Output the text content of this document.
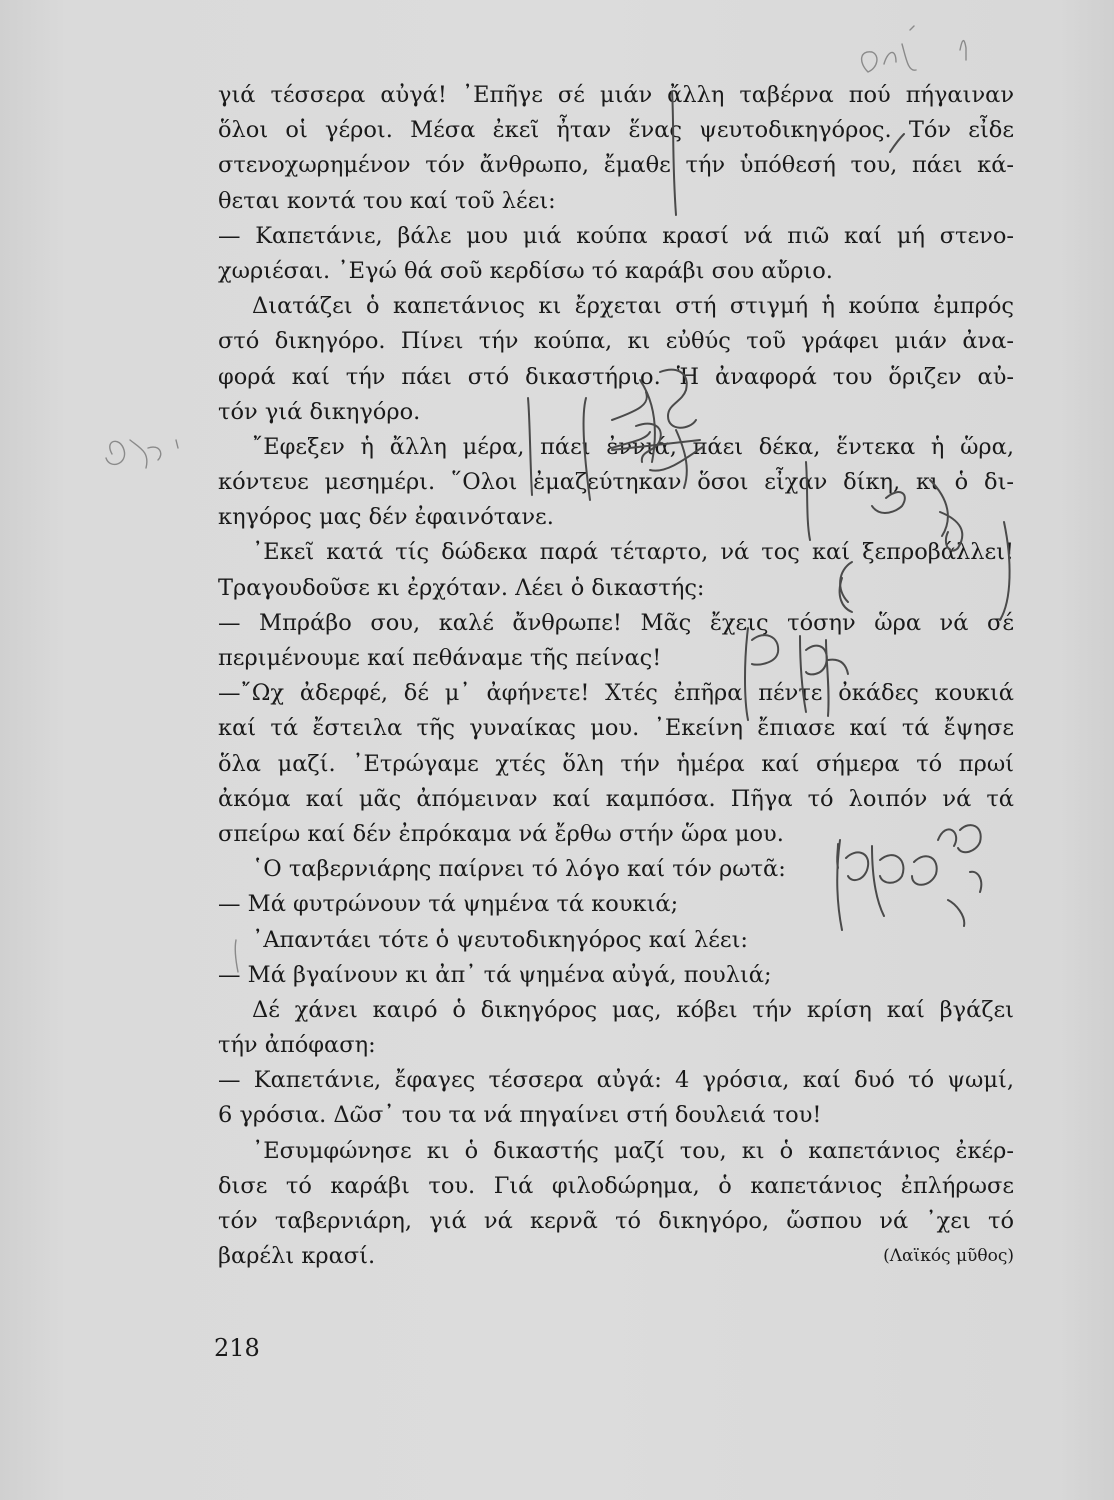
γιά τέσσερα αὐγά! ᾿Επῆγε σέ μιάν ἄλλη ταβέρνα πού πήγαιναν
ὅλοι οἱ γέροι. Μέσα ἐκεῖ ἦταν ἕνας ψευτοδικηγόρος. Τόν εἶδε
στενοχωρημένον τόν ἄνθρωπο, ἔμαθε τήν ὑπόθεσή του, πάει κά-
θεται κοντά του καί τοῦ λέει:
— Καπετάνιε, βάλε μου μιά κούπα κρασί νά πιῶ καί μή στενο-
χωριέσαι. ᾿Εγώ θά σοῦ κερδίσω τό καράβι σου αὔριο.
Διατάζει ὁ καπετάνιος κι ἔρχεται στή στιγμή ἡ κούπα ἐμπρός
στό δικηγόρο. Πίνει τήν κούπα, κι εὐθύς τοῦ γράφει μιάν ἀνα-
φορά καί τήν πάει στό δικαστήριο. Ἡ ἀναφορά του ὅριζεν αὐ-
τόν γιά δικηγόρο.
῎Εφεξεν ἡ ἄλλη μέρα, πάει ἐννιά, πάει δέκα, ἕντεκα ἡ ὥρα,
κόντευε μεσημέρι. ῞Ολοι ἐμαζεύτηκαν ὅσοι εἶχαν δίκη, κι ὁ δι-
κηγόρος μας δέν ἐφαινότανε.
᾿Εκεῖ κατά τίς δώδεκα παρά τέταρτο, νά τος καί ξεπροβάλλει!
Τραγουδοῦσε κι ἐρχόταν. Λέει ὁ δικαστής:
— Μπράβο σου, καλέ ἄνθρωπε! Μᾶς ἔχεις τόσην ὥρα νά σέ
περιμένουμε καί πεθάναμε τῆς πείνας!
—῎Ωχ ἀδερφέ, δέ μ᾿ ἀφήνετε! Χτές ἐπῆρα πέντε ὀκάδες κουκιά
καί τά ἔστειλα τῆς γυναίκας μου. ᾿Εκείνη ἔπιασε καί τά ἔψησε
ὅλα μαζί. ᾿Ετρώγαμε χτές ὅλη τήν ἡμέρα καί σήμερα τό πρωί
ἀκόμα καί μᾶς ἀπόμειναν καί καμπόσα. Πῆγα τό λοιπόν νά τά
σπείρω καί δέν ἐπρόκαμα νά ἔρθω στήν ὥρα μου.
῾Ο ταβερνιάρης παίρνει τό λόγο καί τόν ρωτᾶ:
— Μά φυτρώνουν τά ψημένα τά κουκιά;
᾿Απαντάει τότε ὁ ψευτοδικηγόρος καί λέει:
— Μά βγαίνουν κι ἀπ᾿ τά ψημένα αὐγά, πουλιά;
Δέ χάνει καιρό ὁ δικηγόρος μας, κόβει τήν κρίση καί βγάζει
τήν ἀπόφαση:
— Καπετάνιε, ἔφαγες τέσσερα αὐγά: 4 γρόσια, καί δυό τό ψωμί,
6 γρόσια. Δῶσ᾿ του τα νά πηγαίνει στή δουλειά του!
᾿Εσυμφώνησε κι ὁ δικαστής μαζί του, κι ὁ καπετάνιος ἐκέρ-
δισε τό καράβι του. Γιά φιλοδώρημα, ὁ καπετάνιος ἐπλήρωσε
τόν ταβερνιάρη, γιά νά κερνᾶ τό δικηγόρο, ὥσπου νά ᾿χει τό
βαρέλι κρασί.	(Λαϊκός μῦθος)
218
